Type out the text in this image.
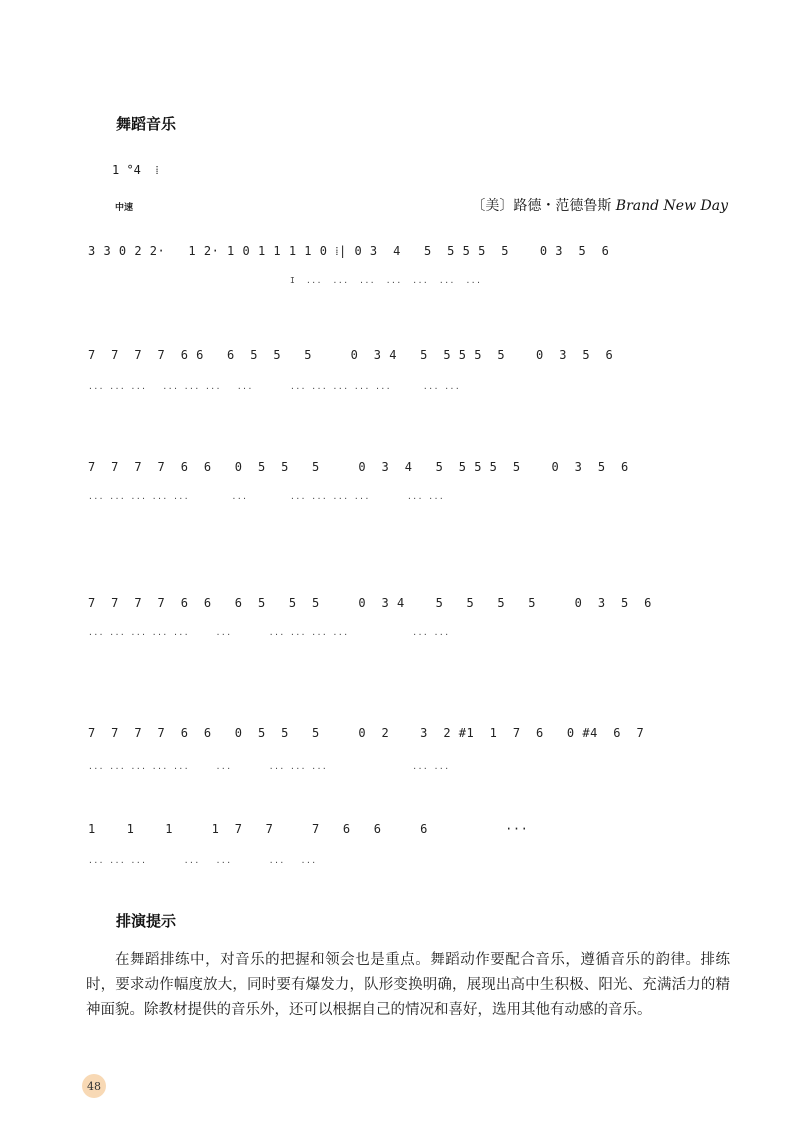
舞蹈音乐
1 °4  ⁞
中速	〔美〕路德・范德鲁斯 Brand New Day
3 3 0 2 2·   1 2· 1 0 1 1 1 1 0 ⁞| 0 3  4   5  5 5 5  5    0 3  5  6
I  ...  ...  ...  ...  ...  ...  ...
7  7  7  7  6 6   6  5  5   5     0  3 4   5  5 5 5  5    0  3  5  6
... ... ...   ... ... ...   ...       ... ... ... ... ...      ... ...
7  7  7  7  6  6   0  5  5   5     0  3  4   5  5 5 5  5    0  3  5  6
... ... ... ... ...        ...        ... ... ... ...       ... ...
7  7  7  7  6  6   6  5   5  5     0  3 4    5   5   5   5     0  3  5  6
... ... ... ... ...     ...       ... ... ... ...            ... ...
7  7  7  7  6  6   0  5  5   5     0  2    3  2 #1  1  7  6   0 #4  6  7
... ... ... ... ...     ...       ... ... ...                ... ...
1    1    1     1  7   7     7   6   6     6          ···
... ... ...       ...   ...       ...   ...
排演提示
在舞蹈排练中，对音乐的把握和领会也是重点。舞蹈动作要配合音乐，遵循音乐的韵律。排练时，要求动作幅度放大，同时要有爆发力，队形变换明确，展现出高中生积极、阳光、充满活力的精神面貌。除教材提供的音乐外，还可以根据自己的情况和喜好，选用其他有动感的音乐。
48
